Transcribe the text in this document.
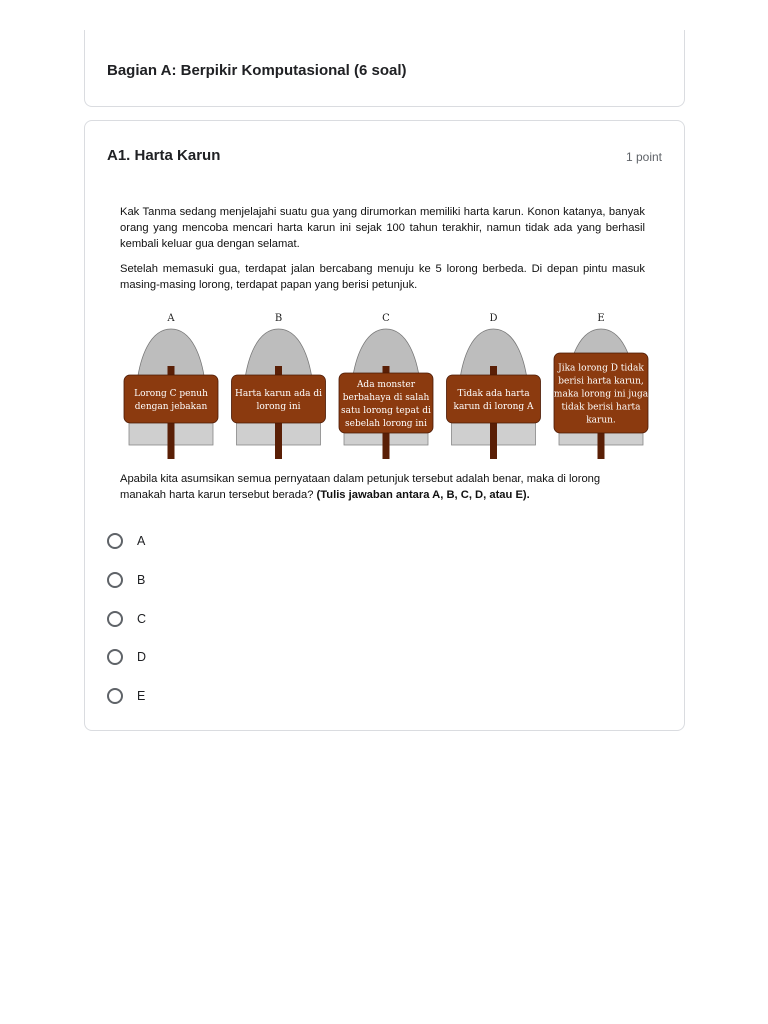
Bagian A: Berpikir Komputasional (6 soal)
A1. Harta Karun	1 point

Kak Tanma sedang menjelajahi suatu gua yang dirumorkan memiliki harta karun. Konon katanya, banyak orang yang mencoba mencari harta karun ini sejak 100 tahun terakhir, namun tidak ada yang berhasil kembali keluar gua dengan selamat.

Setelah memasuki gua, terdapat jalan bercabang menuju ke 5 lorong berbeda. Di depan pintu masuk masing-masing lorong, terdapat papan yang berisi petunjuk.

A
Lorong C penuh
dengan jebakan
B
Harta karun ada di
lorong ini
C
Ada monster
berbahaya di salah
satu lorong tepat di
sebelah lorong ini
D
Tidak ada harta
karun di lorong A
E
Jika lorong D tidak
berisi harta karun,
maka lorong ini juga
tidak berisi harta
karun.
Apabila kita asumsikan semua pernyataan dalam petunjuk tersebut adalah benar, maka di lorong manakah harta karun tersebut berada? (Tulis jawaban antara A, B, C, D, atau E).
A
B
C
D
E
